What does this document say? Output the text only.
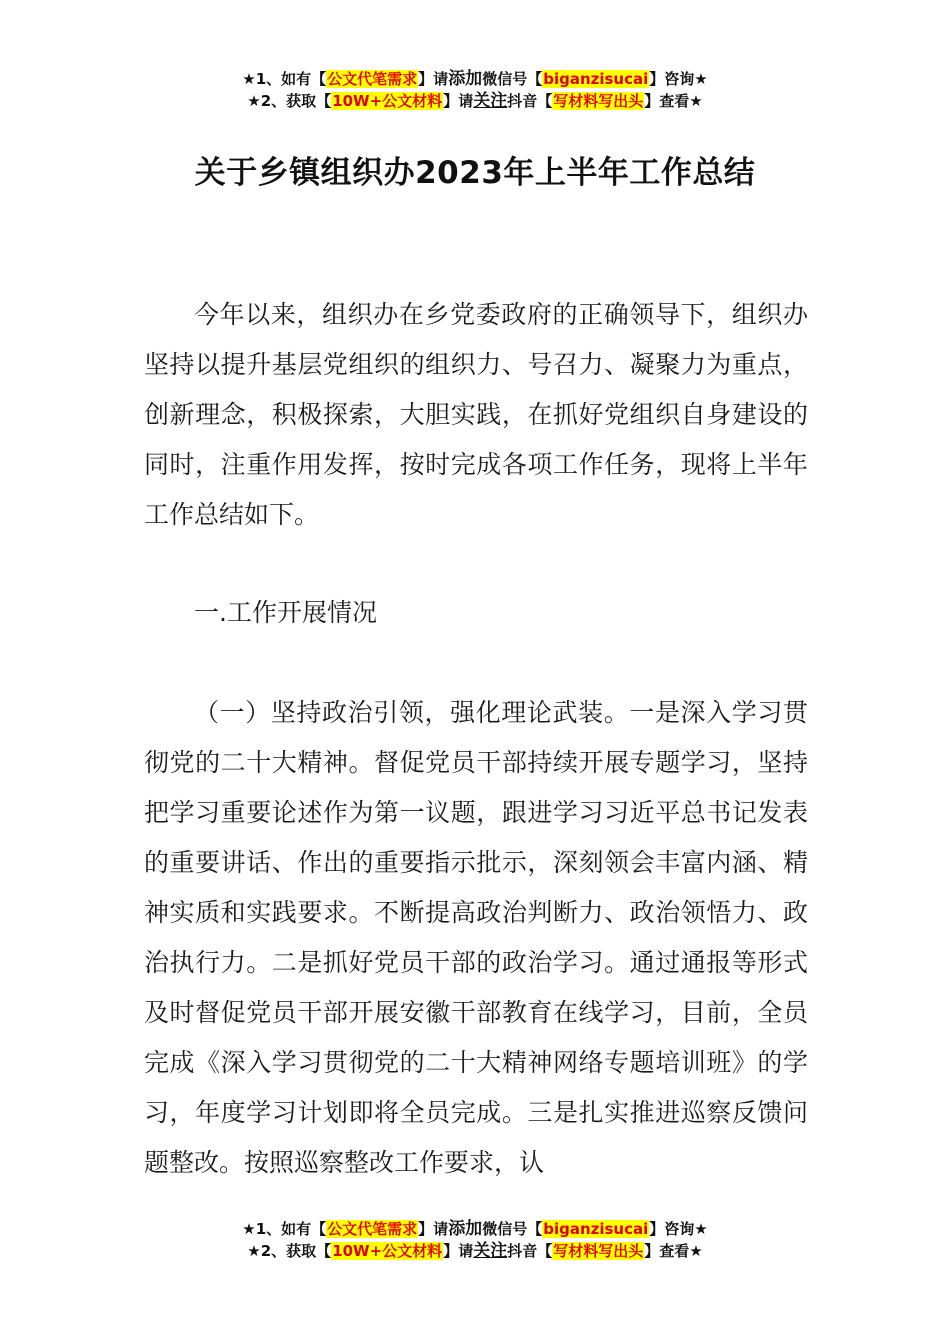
★1、如有【公文代笔需求】请添加微信号【biganzisucai】咨询★
★2、获取【10W+公文材料】请关注抖音【写材料写出头】查看★
关于乡镇组织办2023年上半年工作总结

今年以来，组织办在乡党委政府的正确领导下，组织办坚持以提升基层党组织的组织力、号召力、凝聚力为重点，创新理念，积极探索，大胆实践，在抓好党组织自身建设的同时，注重作用发挥，按时完成各项工作任务，现将上半年工作总结如下。

一.工作开展情况

（一）坚持政治引领，强化理论武装。一是深入学习贯彻党的二十大精神。督促党员干部持续开展专题学习，坚持把学习重要论述作为第一议题，跟进学习习近平总书记发表的重要讲话、作出的重要指示批示，深刻领会丰富内涵、精神实质和实践要求。不断提高政治判断力、政治领悟力、政治执行力。二是抓好党员干部的政治学习。通过通报等形式及时督促党员干部开展安徽干部教育在线学习，目前，全员完成《深入学习贯彻党的二十大精神网络专题培训班》的学习，年度学习计划即将全员完成。三是扎实推进巡察反馈问题整改。按照巡察整改工作要求，认

★1、如有【公文代笔需求】请添加微信号【biganzisucai】咨询★
★2、获取【10W+公文材料】请关注抖音【写材料写出头】查看★
